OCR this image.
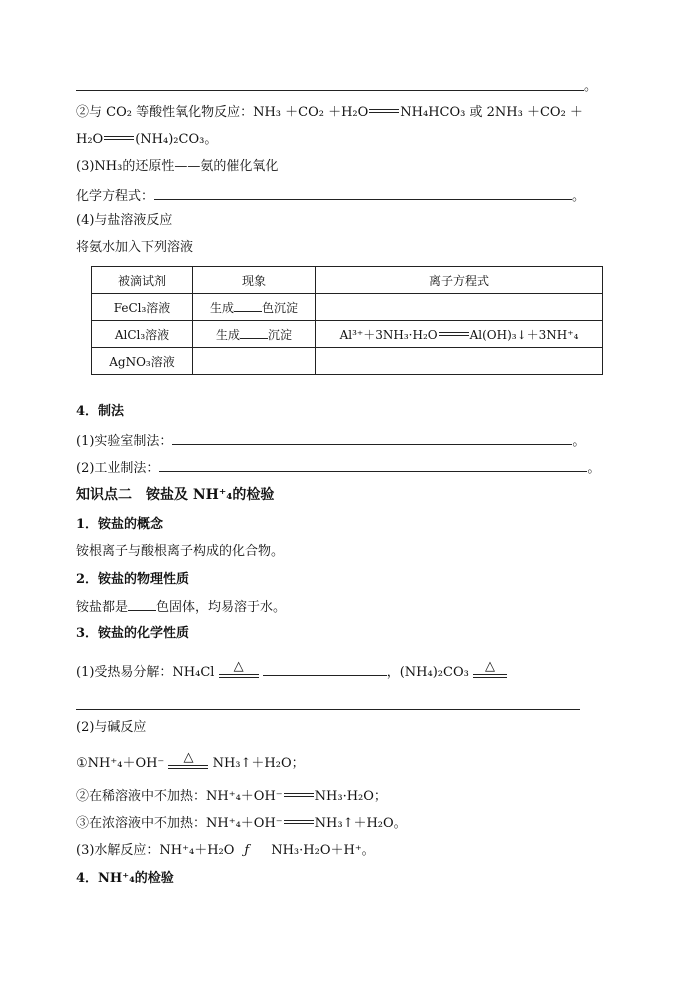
。
②与 CO₂ 等酸性氧化物反应：NH₃ ＋CO₂ ＋H₂O NH₄HCO₃ 或 2NH₃ ＋CO₂ ＋
H₂O (NH₄)₂CO₃。
(3)NH₃的还原性——氨的催化氧化
化学方程式：	。
(4)与盐溶液反应
将氨水加入下列溶液
被滴试剂	现象	离子方程式
FeCl₃溶液	生成 色沉淀	
AlCl₃溶液	生成 沉淀	Al³⁺＋3NH₃·H₂O Al(OH)₃↓＋3NH⁺₄
AgNO₃溶液		
4．制法
(1)实验室制法：	。
(2)工业制法：	。
知识点二　铵盐及 NH⁺₄的检验
1．铵盐的概念
铵根离子与酸根离子构成的化合物。
2．铵盐的物理性质
铵盐都是 色固体，均易溶于水。
3．铵盐的化学性质
(1)受热易分解：NH₄Cl	△	，(NH₄)₂CO₃	△
(2)与碱反应
①NH⁺₄＋OH⁻	△	NH₃↑＋H₂O；
②在稀溶液中不加热：NH⁺₄＋OH⁻ NH₃·H₂O；
③在浓溶液中不加热：NH⁺₄＋OH⁻ NH₃↑＋H₂O。
(3)水解反应：NH⁺₄＋H₂O ƒ NH₃·H₂O＋H⁺。
4．NH⁺₄的检验
